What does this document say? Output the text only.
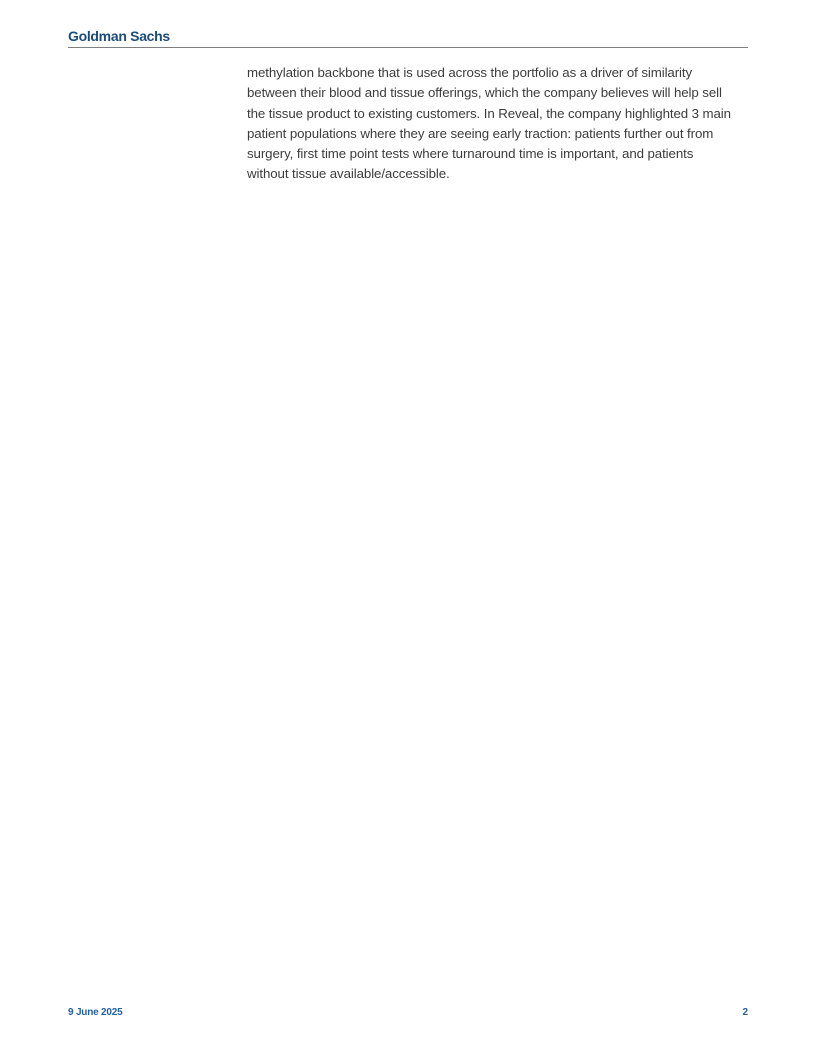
Goldman Sachs
methylation backbone that is used across the portfolio as a driver of similarity
between their blood and tissue offerings, which the company believes will help sell
the tissue product to existing customers. In Reveal, the company highlighted 3 main
patient populations where they are seeing early traction: patients further out from
surgery, first time point tests where turnaround time is important, and patients
without tissue available/accessible.
9 June 2025	2
